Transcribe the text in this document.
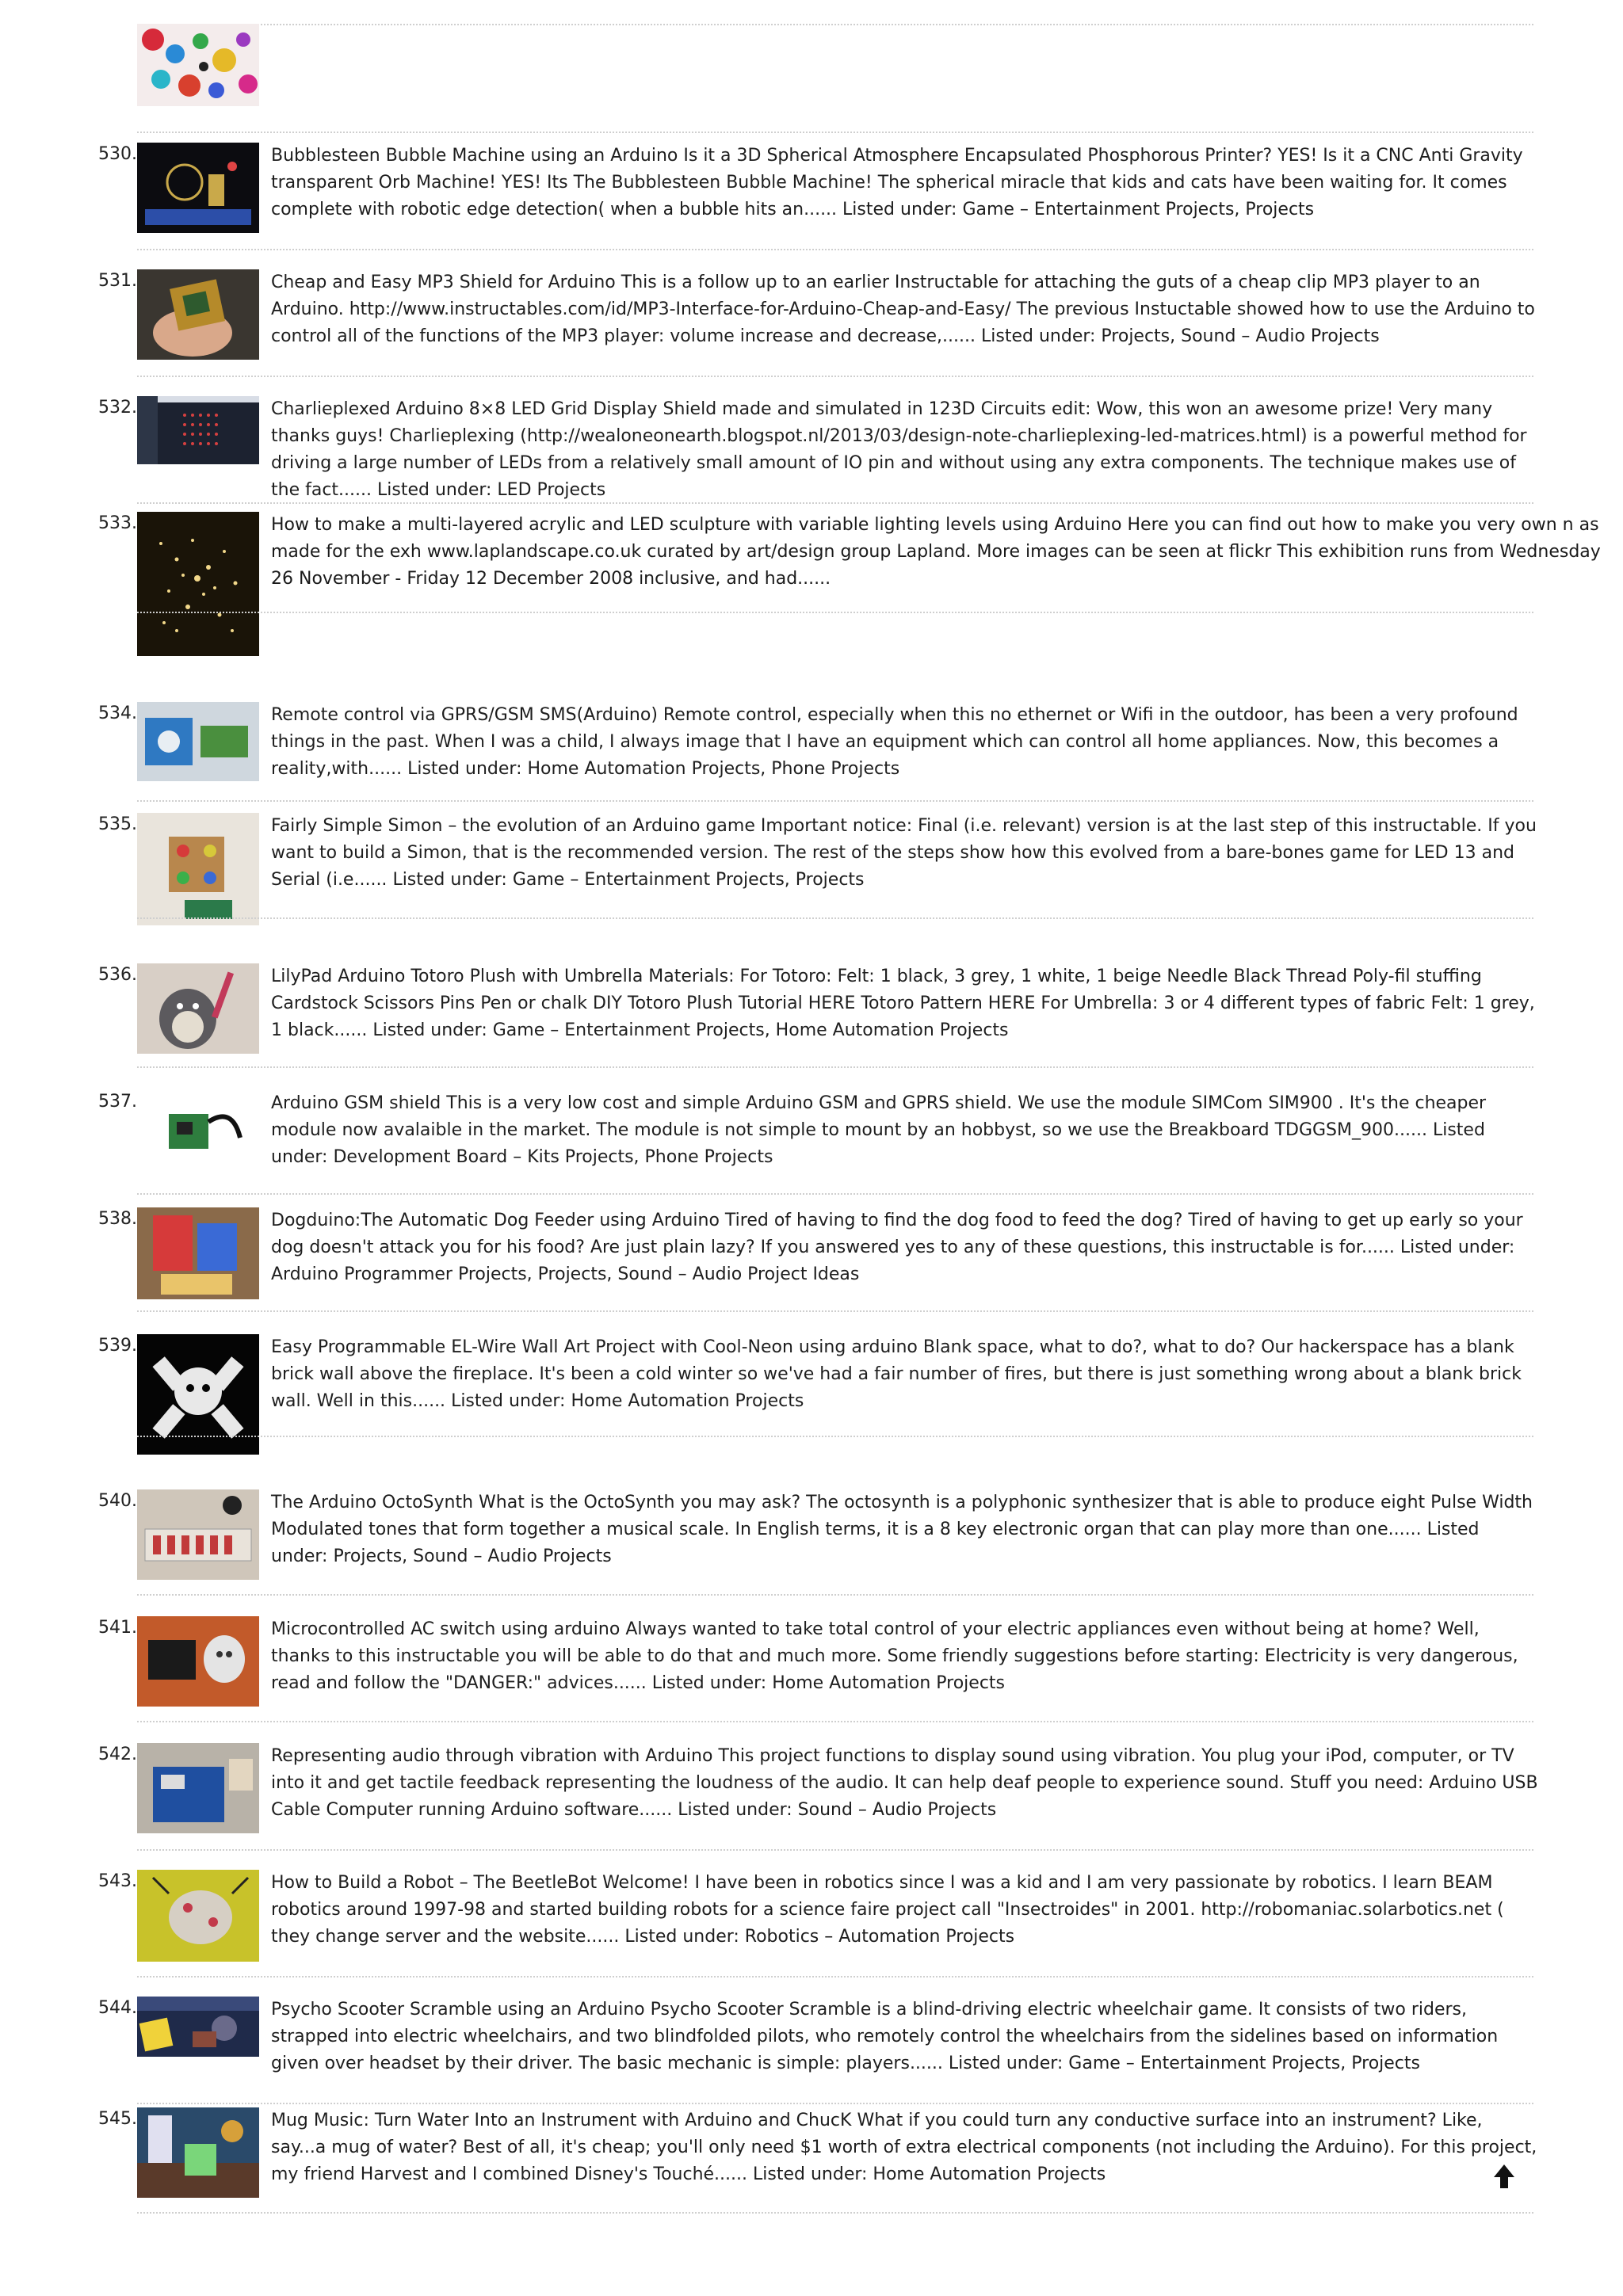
530.	Bubblesteen Bubble Machine using an Arduino Is it a 3D Spherical Atmosphere Encapsulated Phosphorous Printer? YES! Is it a CNC Anti Gravity transparent Orb Machine! YES! Its The Bubblesteen Bubble Machine! The spherical miracle that kids and cats have been waiting for. It comes complete with robotic edge detection( when a bubble hits an...... Listed under: Game – Entertainment Projects, Projects
531.	Cheap and Easy MP3 Shield for Arduino This is a follow up to an earlier Instructable for attaching the guts of a cheap clip MP3 player to an Arduino. http://www.instructables.com/id/MP3-Interface-for-Arduino-Cheap-and-Easy/ The previous Instuctable showed how to use the Arduino to control all of the functions of the MP3 player: volume increase and decrease,...... Listed under: Projects, Sound – Audio Projects
532.	Charlieplexed Arduino 8×8 LED Grid Display Shield made and simulated in 123D Circuits edit: Wow, this won an awesome prize! Very many thanks guys! Charlieplexing (http://wealoneonearth.blogspot.nl/2013/03/design-note-charlieplexing-led-matrices.html) is a powerful method for driving a large number of LEDs from a relatively small amount of IO pin and without using any extra components. The technique makes use of the fact...... Listed under: LED Projects
533.	How to make a multi-layered acrylic and LED sculpture with variable lighting levels using Arduino Here you can find out how to make you very own n as made for the exh www.laplandscape.co.uk curated by art/design group Lapland. More images can be seen at flickr This exhibition runs from Wednesday 26 November - Friday 12 December 2008 inclusive, and had......
534.	Remote control via GPRS/GSM SMS(Arduino) Remote control, especially when this no ethernet or Wifi in the outdoor, has been a very profound things in the past. When I was a child, I always image that I have an equipment which can control all home appliances. Now, this becomes a reality,with...... Listed under: Home Automation Projects, Phone Projects
535.	Fairly Simple Simon – the evolution of an Arduino game Important notice: Final (i.e. relevant) version is at the last step of this instructable. If you want to build a Simon, that is the recommended version. The rest of the steps show how this evolved from a bare-bones game for LED 13 and Serial (i.e...... Listed under: Game – Entertainment Projects, Projects
536.	LilyPad Arduino Totoro Plush with Umbrella Materials: For Totoro: Felt: 1 black, 3 grey, 1 white, 1 beige Needle Black Thread Poly-fil stuffing Cardstock Scissors Pins Pen or chalk DIY Totoro Plush Tutorial HERE Totoro Pattern HERE For Umbrella: 3 or 4 different types of fabric Felt: 1 grey, 1 black...... Listed under: Game – Entertainment Projects, Home Automation Projects
537.	Arduino GSM shield This is a very low cost and simple Arduino GSM and GPRS shield. We use the module SIMCom SIM900 . It's the cheaper module now avalaible in the market. The module is not simple to mount by an hobbyst, so we use the Breakboard TDGGSM_900...... Listed under: Development Board – Kits Projects, Phone Projects
538.	Dogduino:The Automatic Dog Feeder using Arduino Tired of having to find the dog food to feed the dog? Tired of having to get up early so your dog doesn't attack you for his food? Are just plain lazy? If you answered yes to any of these questions, this instructable is for...... Listed under: Arduino Programmer Projects, Projects, Sound – Audio Project Ideas
539.	Easy Programmable EL-Wire Wall Art Project with Cool-Neon using arduino Blank space, what to do?, what to do? Our hackerspace has a blank brick wall above the fireplace. It's been a cold winter so we've had a fair number of fires, but there is just something wrong about a blank brick wall. Well in this...... Listed under: Home Automation Projects
540.	The Arduino OctoSynth What is the OctoSynth you may ask? The octosynth is a polyphonic synthesizer that is able to produce eight Pulse Width Modulated tones that form together a musical scale. In English terms, it is a 8 key electronic organ that can play more than one...... Listed under: Projects, Sound – Audio Projects
541.	Microcontrolled AC switch using arduino Always wanted to take total control of your electric appliances even without being at home? Well, thanks to this instructable you will be able to do that and much more. Some friendly suggestions before starting: Electricity is very dangerous, read and follow the "DANGER:" advices...... Listed under: Home Automation Projects
542.	Representing audio through vibration with Arduino This project functions to display sound using vibration. You plug your iPod, computer, or TV into it and get tactile feedback representing the loudness of the audio. It can help deaf people to experience sound. Stuff you need: Arduino USB Cable Computer running Arduino software...... Listed under: Sound – Audio Projects
543.	How to Build a Robot – The BeetleBot Welcome! I have been in robotics since I was a kid and I am very passionate by robotics. I learn BEAM robotics around 1997-98 and started building robots for a science faire project call "Insectroides" in 2001. http://robomaniac.solarbotics.net ( they change server and the website...... Listed under: Robotics – Automation Projects
544.	Psycho Scooter Scramble using an Arduino Psycho Scooter Scramble is a blind-driving electric wheelchair game. It consists of two riders, strapped into electric wheelchairs, and two blindfolded pilots, who remotely control the wheelchairs from the sidelines based on information given over headset by their driver. The basic mechanic is simple: players...... Listed under: Game – Entertainment Projects, Projects
545.	Mug Music: Turn Water Into an Instrument with Arduino and ChucK What if you could turn any conductive surface into an instrument? Like, say...a mug of water? Best of all, it's cheap; you'll only need $1 worth of extra electrical components (not including the Arduino). For this project, my friend Harvest and I combined Disney's Touché...... Listed under: Home Automation Projects
